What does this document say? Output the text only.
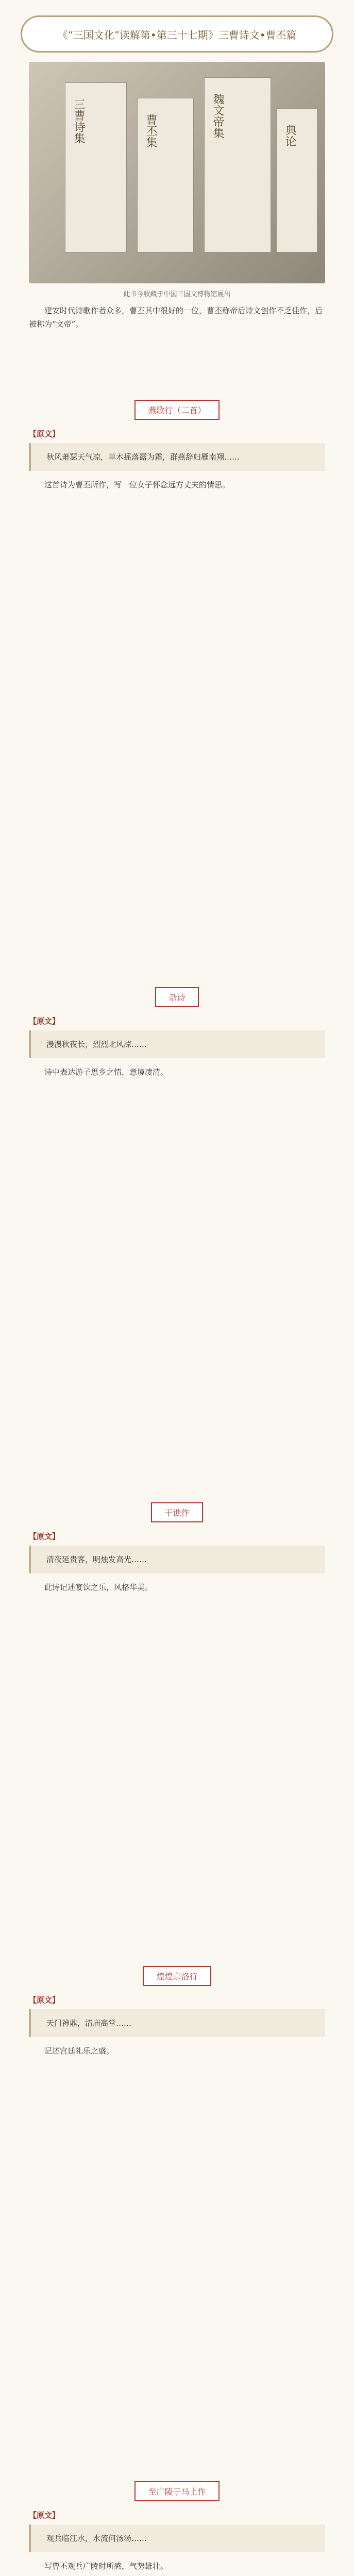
《“三国文化”读解第•第三十七期》三曹诗文•曹丕篇
三曹诗集	曹丕集	魏文帝集	典论
此书今收藏于中国三国文博物馆展出
建安时代诗歌作者众多，曹丕其中很好的一位，曹丕称帝后诗文创作不乏佳作，后被称为“文帝”。
燕歌行（二首）
【原文】
秋风萧瑟天气凉，草木摇落露为霜，群燕辞归雁南翔……
这首诗为曹丕所作，写一位女子怀念远方丈夫的情思。
杂诗
【原文】
漫漫秋夜长，烈烈北风凉……
诗中表达游子思乡之情，意境凄清。
于谯作
【原文】
清夜延贵客，明烛发高光……
此诗记述宴饮之乐，风格华美。
煌煌京洛行
【原文】
天门神鼎，清庙高堂……
记述宫廷礼乐之盛。
至广陵于马上作
【原文】
观兵临江水，水流何汤汤……
写曹丕观兵广陵时所感，气势雄壮。
